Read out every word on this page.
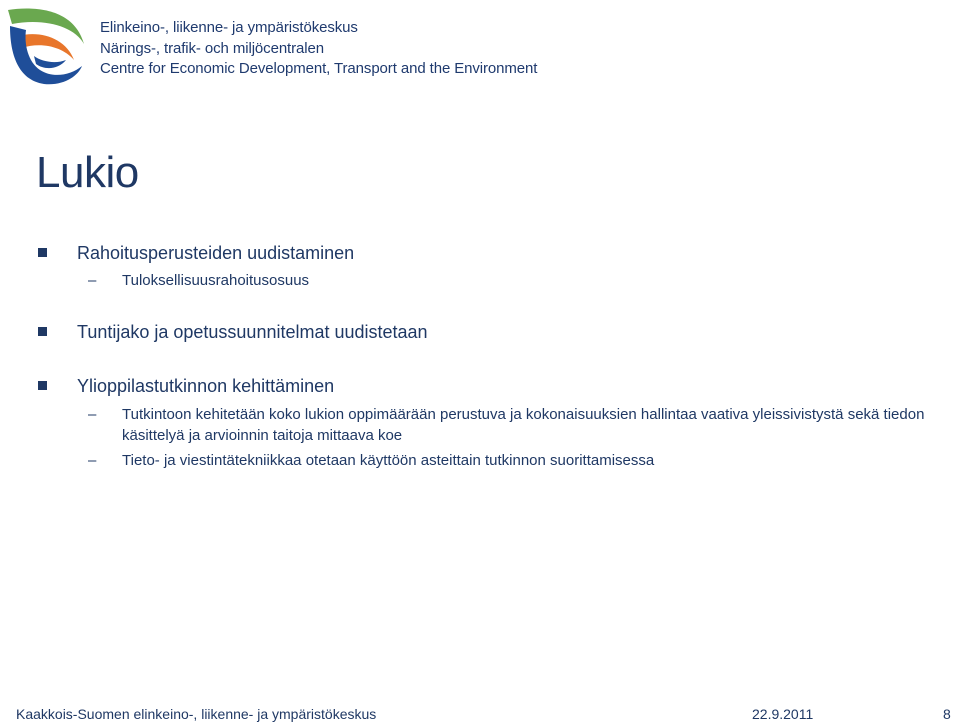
Elinkeino-, liikenne- ja ympäristökeskus
Närings-, trafik- och miljöcentralen
Centre for Economic Development, Transport and the Environment
Lukio
Rahoitusperusteiden uudistaminen
– Tuloksellisuusrahoitusosuus
Tuntijako ja opetussuunnitelmat uudistetaan
Ylioppilastutkinnon kehittäminen
– Tutkintoon kehitetään koko lukion oppimäärään perustuva ja kokonaisuuksien hallintaa vaativa yleissivistystä sekä tiedon käsittelyä ja arvioinnin taitoja mittaava koe
– Tieto- ja viestintätekniikkaa otetaan käyttöön asteittain tutkinnon suorittamisessa
Kaakkois-Suomen elinkeino-, liikenne- ja ympäristökeskus	22.9.2011	8
